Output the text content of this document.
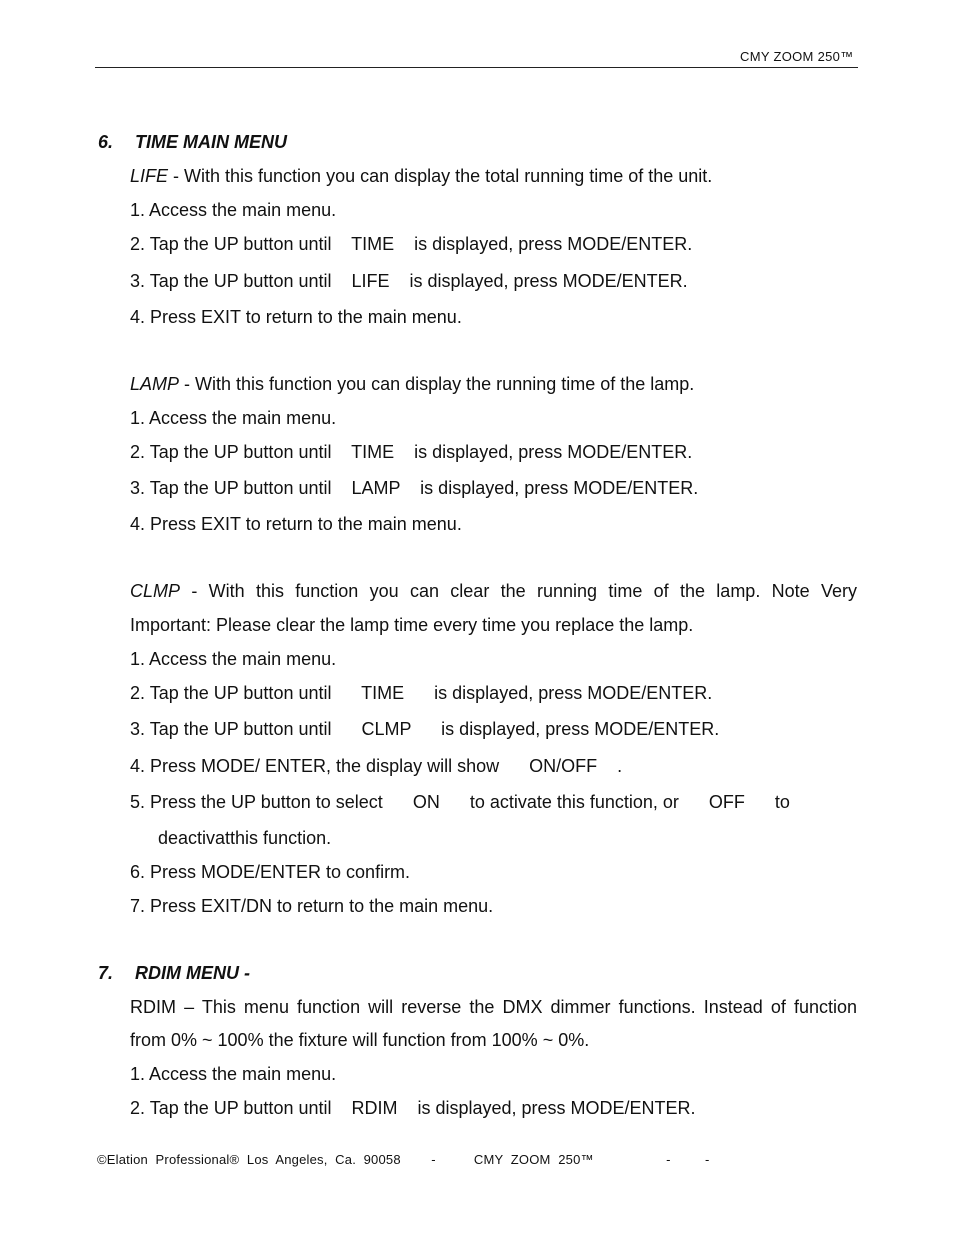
CMY ZOOM 250™
6. TIME MAIN MENU
LIFE - With this function you can display the total running time of the unit.
1. Access the main menu.
2. Tap the UP button until    TIME    is displayed, press MODE/ENTER.
3. Tap the UP button until    LIFE    is displayed, press MODE/ENTER.
4. Press EXIT to return to the main menu.
LAMP - With this function you can display the running time of the lamp.
1. Access the main menu.
2. Tap the UP button until    TIME    is displayed, press MODE/ENTER.
3. Tap the UP button until    LAMP    is displayed, press MODE/ENTER.
4. Press EXIT to return to the main menu.
CLMP - With this function you can clear the running time of the lamp. Note Very
Important: Please clear the lamp time every time you replace the lamp.
1. Access the main menu.
2. Tap the UP button until      TIME      is displayed, press MODE/ENTER.
3. Tap the UP button until      CLMP      is displayed, press MODE/ENTER.
4. Press MODE/ ENTER, the display will show      ON/OFF    .
5. Press the UP button to select      ON      to activate this function, or      OFF      to
deactivatthis function.
6. Press MODE/ENTER to confirm.
7. Press EXIT/DN to return to the main menu.
7. RDIM MENU -
RDIM – This menu function will reverse the DMX dimmer functions. Instead of function
from 0% ~ 100% the fixture will function from 100% ~ 0%.
1. Access the main menu.
2. Tap the UP button until    RDIM    is displayed, press MODE/ENTER.
©Elation  Professional®  Los  Angeles,  Ca.  90058        -          CMY  ZOOM  250™                   -         -
